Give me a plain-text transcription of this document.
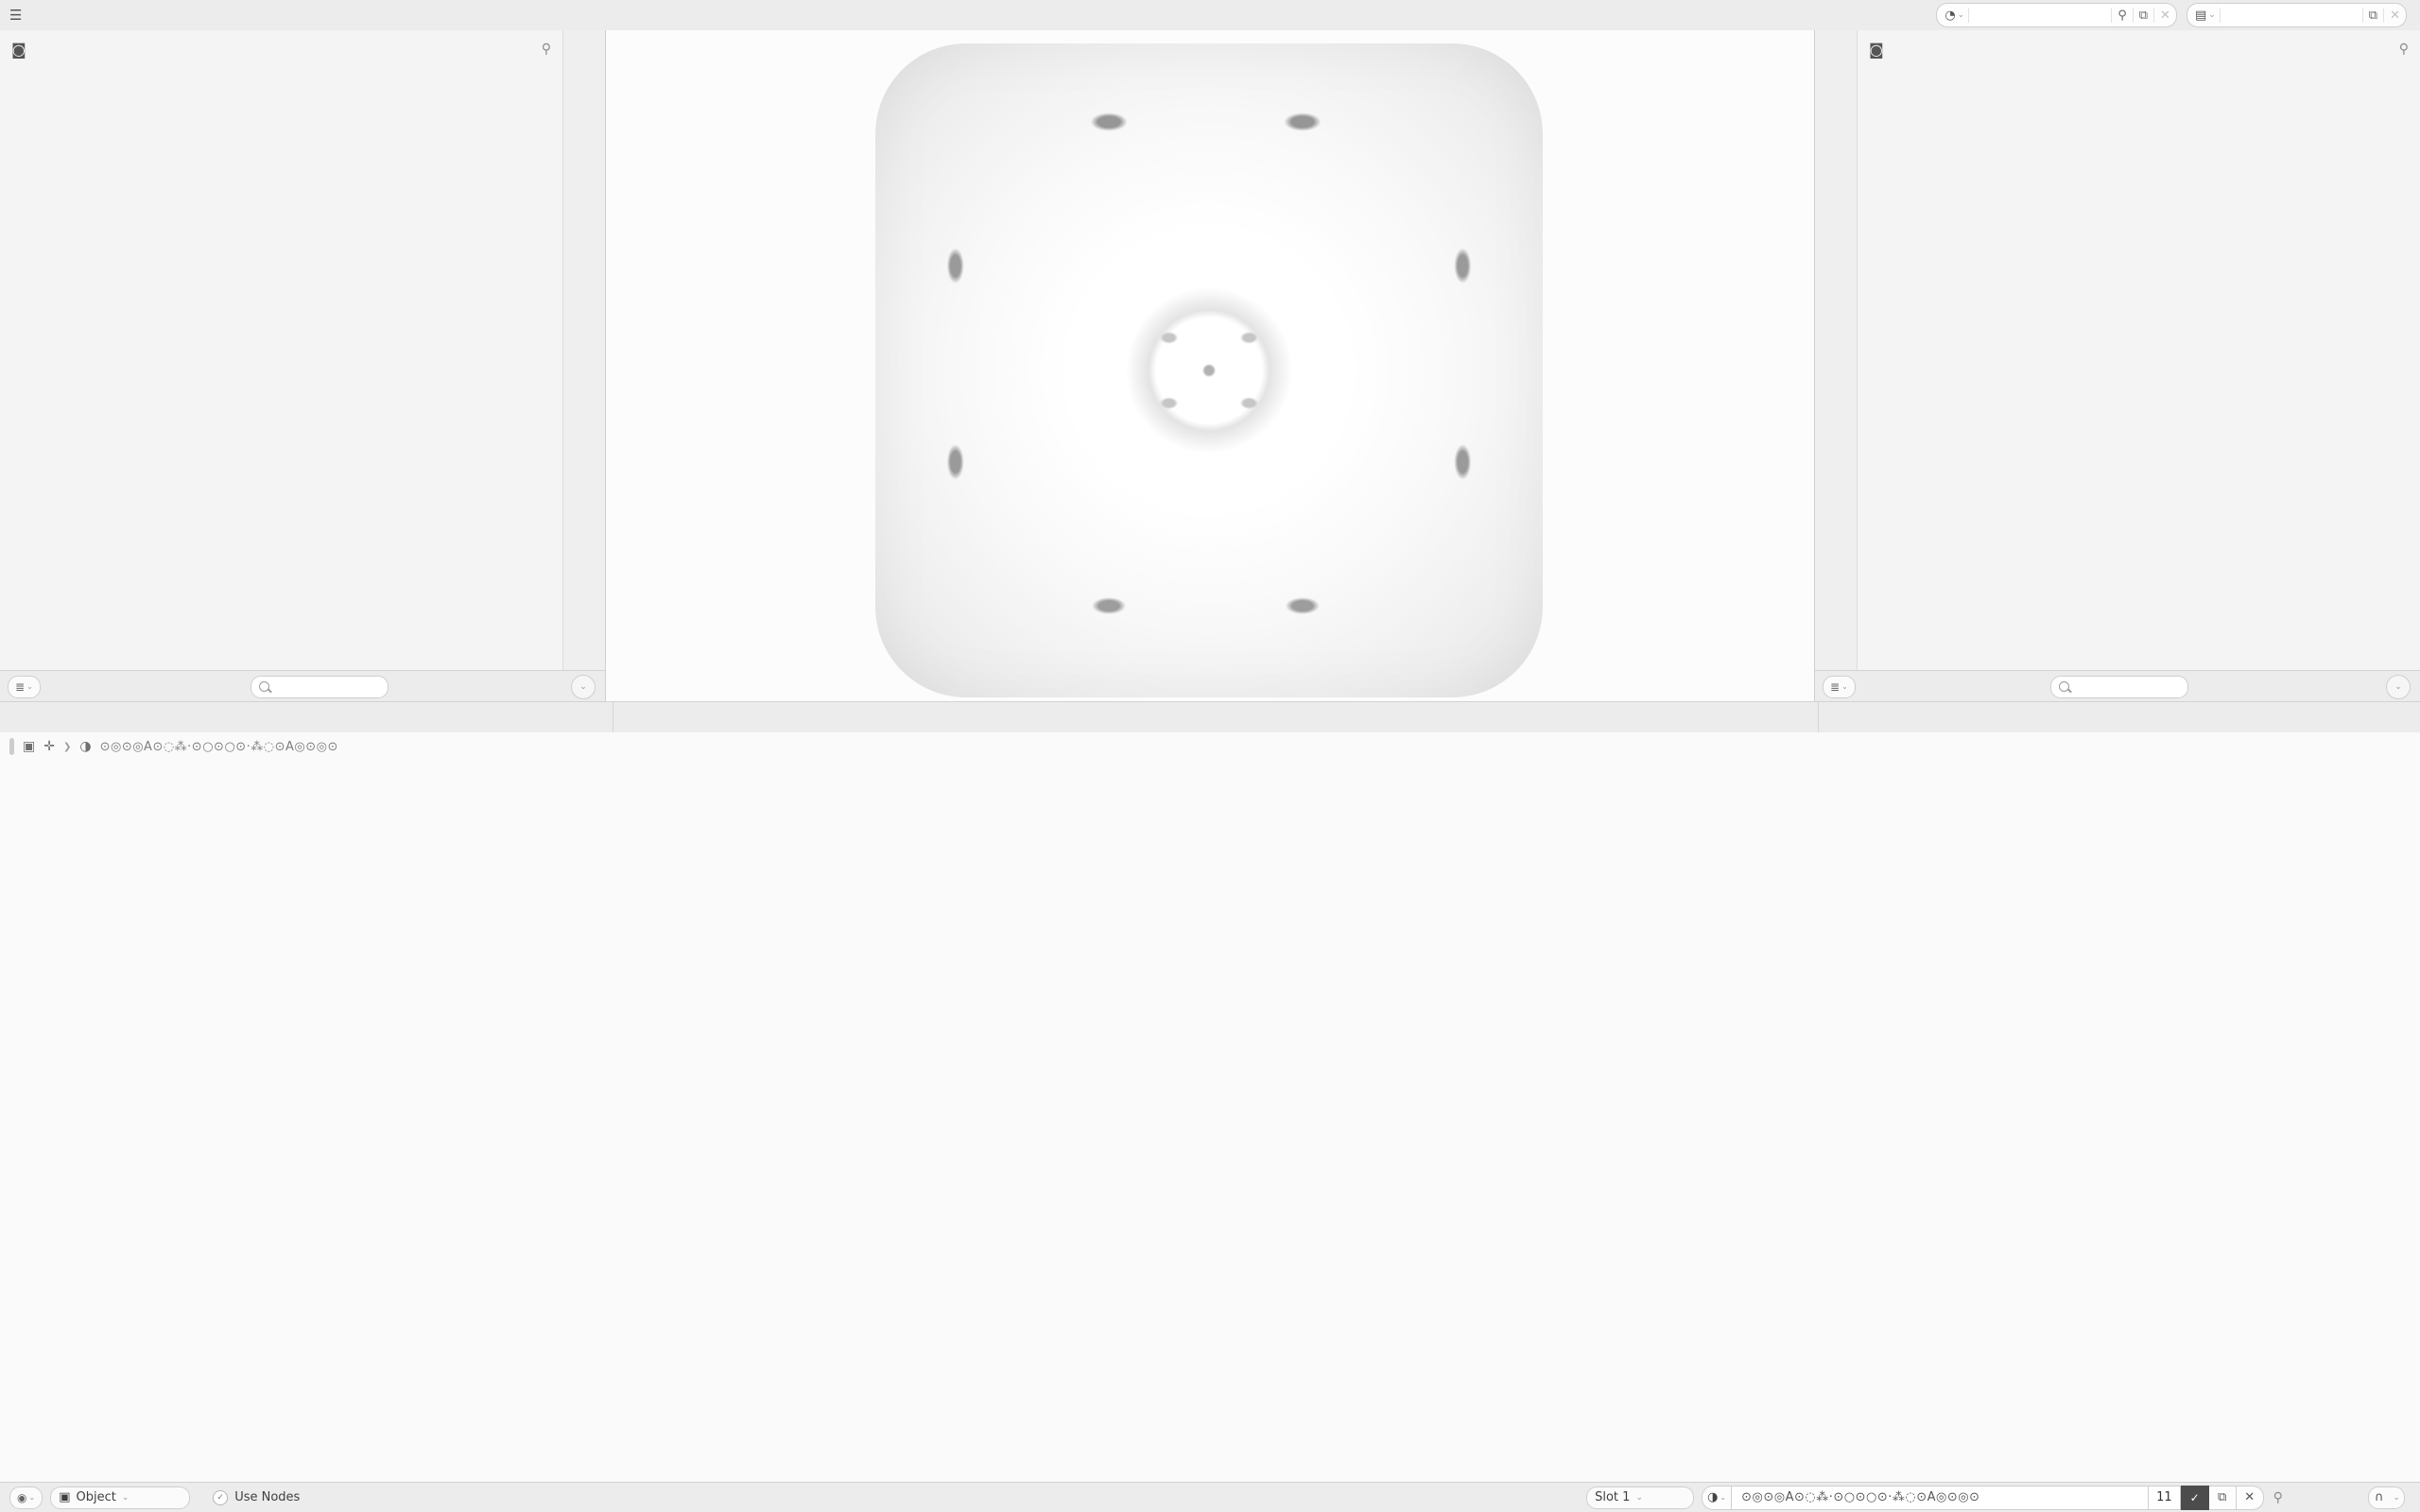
☰	◔ ⌄	⚲	⧉	✕	▤ ⌄	⧉	✕
◙	⚲
≣ ⌄	⌄
◙	⚲
≣ ⌄	⌄
▣ ✛ ❯ ◑ ⊙◎⊙◎A⊙◌⁂·⊙○⊙○⊙·⁂◌⊙A◎⊙◎⊙
◉ ⌄ ▣ Object ⌄	✓ Use Nodes	Slot 1 ⌄	◑ ⌄	⊙◎⊙◎A⊙◌⁂·⊙○⊙○⊙·⁂◌⊙A◎⊙◎⊙	11	✓	⧉	✕	⚲	∩	⌄
